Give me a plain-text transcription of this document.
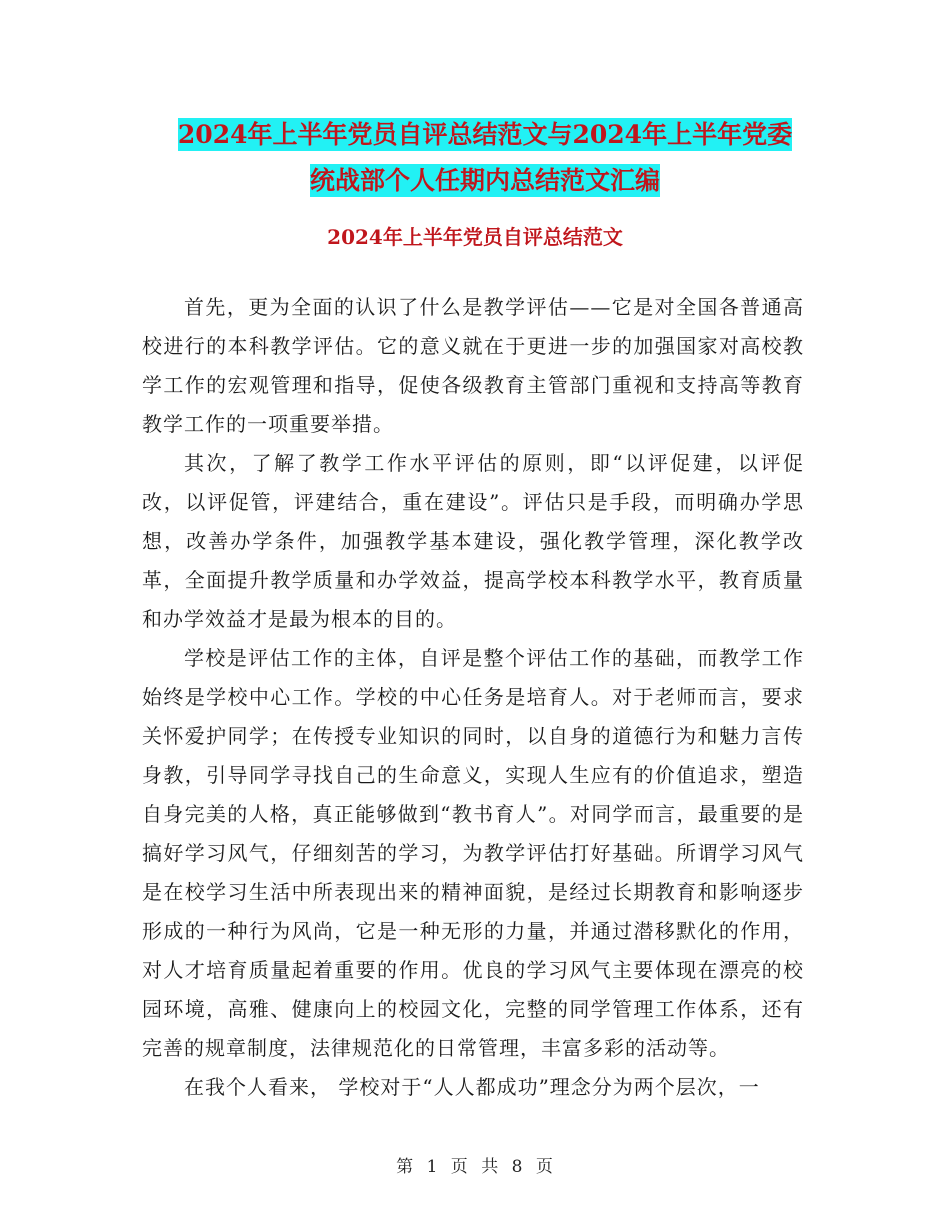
2024年上半年党员自评总结范文与2024年上半年党委
统战部个人任期内总结范文汇编
2024年上半年党员自评总结范文

首先，更为全面的认识了什么是教学评估——它是对全国各普通高校进行的本科教学评估。它的意义就在于更进一步的加强国家对高校教学工作的宏观管理和指导，促使各级教育主管部门重视和支持高等教育教学工作的一项重要举措。

其次，了解了教学工作水平评估的原则，即“以评促建，以评促改，以评促管，评建结合，重在建设”。评估只是手段，而明确办学思想，改善办学条件，加强教学基本建设，强化教学管理，深化教学改革，全面提升教学质量和办学效益，提高学校本科教学水平，教育质量和办学效益才是最为根本的目的。

学校是评估工作的主体，自评是整个评估工作的基础，而教学工作始终是学校中心工作。学校的中心任务是培育人。对于老师而言，要求关怀爱护同学；在传授专业知识的同时，以自身的道德行为和魅力言传身教，引导同学寻找自己的生命意义，实现人生应有的价值追求，塑造自身完美的人格，真正能够做到“教书育人”。对同学而言，最重要的是搞好学习风气，仔细刻苦的学习，为教学评估打好基础。所谓学习风气是在校学习生活中所表现出来的精神面貌，是经过长期教育和影响逐步形成的一种行为风尚，它是一种无形的力量，并通过潜移默化的作用，对人才培育质量起着重要的作用。优良的学习风气主要体现在漂亮的校园环境，高雅、健康向上的校园文化，完整的同学管理工作体系，还有完善的规章制度，法律规范化的日常管理，丰富多彩的活动等。

在我个人看来， 学校对于“人人都成功”理念分为两个层次，一

第 1 页 共 8 页
